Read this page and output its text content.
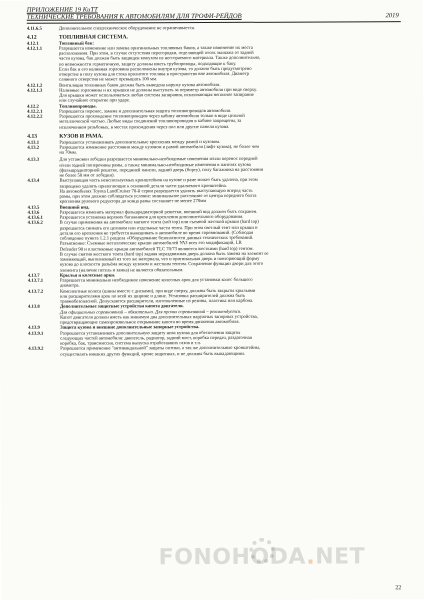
ПРИЛОЖЕНИЕ 19 КиТТ
ТЕХНИЧЕСКИЕ ТРЕБОВАНИЯ К АВТОМОБИЛЯМ ДЛЯ ТРОФИ-РЕЙДОВ	2019
4.11.6.5	Дополнительное спецтехническое оборудование не ограничивается.
4.12	ТОПЛИВНАЯ СИСТЕМА.
4.12.1	Топливный бак:
4.12.1.1	Разрешается изменение или замена оригинальных топливных баков, а также изменение их места
расположения. При этом, в случае отсутствия перегородки, отделяющей отсек экипажа от задней
части кузова, бак должен быть защищен кожухом из несгораемого материала. Также дополнительно,
по возможности герметичную, защиту должны иметь трубопроводы, подходящие к баку.
Если бак и его наливная горловина расположены внутри кузова, то должно быть предусмотрено
отверстие в полу кузова для стока пролитого топлива в пространство вне автомобиля. Диаметр
сливного отверстия не может превышать 100 мм.
4.12.1.2	Вентиляция топливных баков должна быть выведена наружу кузова автомобиля.
4.12.1.3	Наливные горловины и их крышки не должны выступать за периметр автомобиля при виде сверху.
Для крышки может использоваться любая система запирания, исключающая неполное запирание
или случайное открытие при ударе.
4.12.2	Топливопроводы.
4.12.2.1	Разрешается перенос, замена и дополнительная защита топливопроводов автомобиля.
4.12.2.2	Разрешается прохождение топливопроводов через кабину автомобиля только в виде цельной
металлической частью. Любые виды соединений топливопроводов в кабине запрещены, за
исключением резьбовых, в местах прохождения через пол или другие панели кузова.
4.13	КУЗОВ И РАМА.
4.13.1	Разрешается устанавливать дополнительные крепления между рамой и кузовом.
4.13.2	Разрешается изменение расстояния между кузовом и рамой автомобиля (лифт кузова), не более чем
на 70мм.
4.13.3	Для установки лебедки разрешается минимально-необходимые изменения и/или перенос передней
и/или задней поперечины рамы, а также минимально-необходимые изменения в панелях кузова
(фальшрадиаторной решетке, переднией панели, задний дверь (борту), полу багажника на расстоянии
не более 50 мм от лебедки).
4.13.4	Выступающая часть неиспользуемых кронштейнов на кузове и раме может быть удалена, при этом
запрещено удалять прилегающие к основной детали части удаляемого кронштейна.
На автомобилях Toyota LandCruiser 70-й серии разрешается удалять выступающую вперед часть
рамы, при этом должно соблюдаться условие: минимальное расстояние от центра переднего болта
крепления рулевого редуктора до конца рамы составляет не менее 270мм
4.13.5	Внешний вид.
4.13.6	Разрешается изменять материал фальшрадиаторной решетки, внешний вид должен быть сохранен.
4.13.6.1	Разрешается установка верхних багажников для крепления дополнительного оборудования.
4.13.6.2	В случае применения на автомобиле мягкого тента (soft top) или съемной жесткой крыши (hard top)
разрешается снимать его целиком или отдельные части тента. При этом светлый тент или крыши и
детали его крепления не требуется вывешивать в автомобиле во время соревнований. (Соблюдая
соблюдение пункта 1.2.1 раздела «Оборудование безопасности данных технических требований.
Разъяснение: Съемные металлические крыши автомобилей УАЗ всех его модификаций, LR
Defender 90 и пластиковые крыши автомобилей TLC 70/73 являются жесткими (hard top) тентом.
В случае снятия жесткого тента (hard top) задняя нераздвижная дверь должна быть замена на элемент ее
заменяющий, выполненный из того же материала, что и оригинальная дверь и повторяющий форму
кузова до плоскости разъёма между кузовом и жестким тентом. Сохранение функции двери для этого
элемента (наличие петель и замка) не является обязательным.
4.13.7	Крылья и колесные арки.
4.13.7.1	Разрешается минимально необходимое изменение колесных арок для установки колес большего
диаметра.
4.13.7.2	Комплектные колеса (шины вместе с дисками), при виде сверху, должны быть закрыты крыльями
или расширителями арок по всей их ширине и длине. Установка расширителей должна быть
травмобезопасной. Допускаются расширители, изготовленные из резины, пластика или карбона.
4.13.8	Дополнительные защитные устройства капота двигателя.
Для официальных соревнований – обязательно. Для прочих соревнований – рекомендуется.
Капот двигателя должен иметь как минимум два дополнительных наружных запорных устройства,
предотвращающие самопроизвольное открывание капота во время движения автомобиля.
4.13.9	Защита кузова и внешние дополнительные запорные устройства.
4.13.9.1	Разрешается устанавливать дополнительную защиту низа кузова для обеспечения защиты
следующих частей автомобиля: двигатель, радиатор, задний мост, коробка передач, раздаточная
коробка, бак, трансмиссия, система выпуска отработавших газов и т.п.
4.13.9.2	Разрешается применение "антивандальной" защиты оптики, а так же дополнительные кронштейны,
осуществлять никаких других функций, кроме защитных, и не должны быть выпадающими.
FONOHODA.NET
22
